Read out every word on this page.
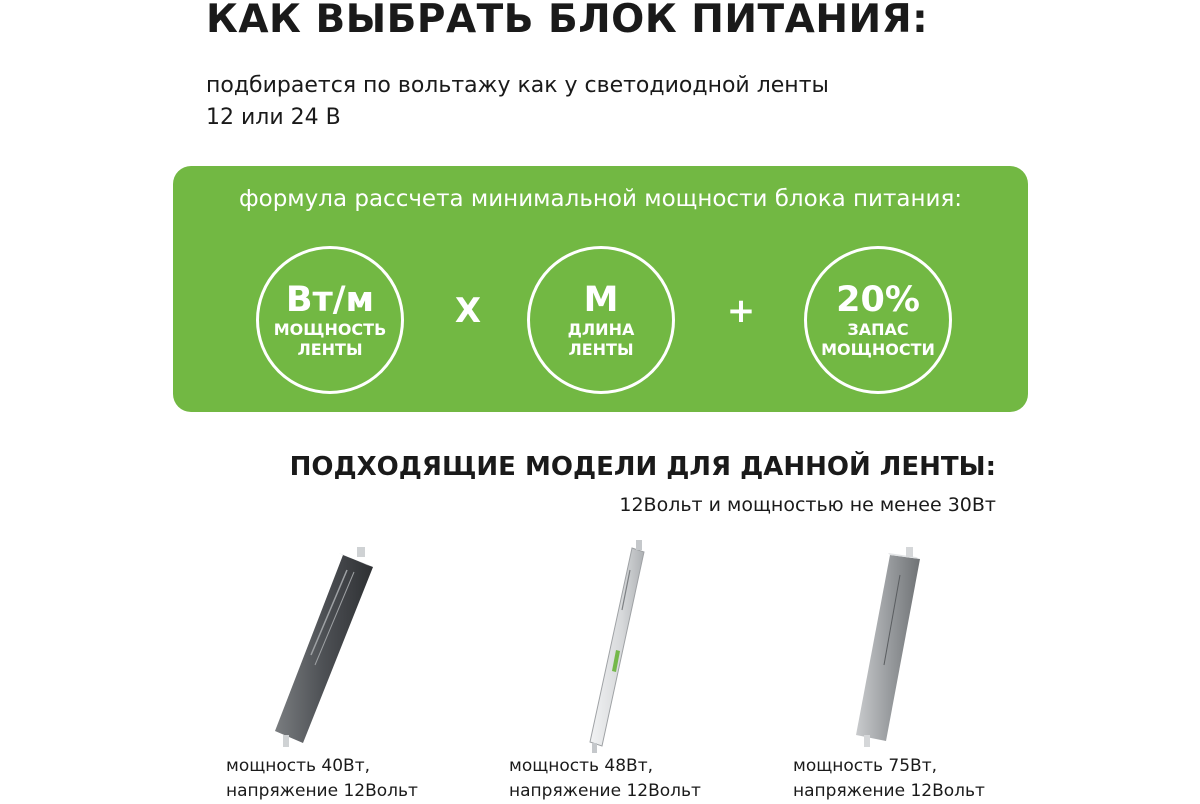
КАК ВЫБРАТЬ БЛОК ПИТАНИЯ:
подбирается по вольтажу как у светодиодной ленты
12 или 24 В
формула рассчета минимальной мощности блока питания:
Вт/м
МОЩНОСТЬ
ЛЕНТЫ
Х	М
ДЛИНА
ЛЕНТЫ
+ 20%
ЗАПАС
МОЩНОСТИ
ПОДХОДЯЩИЕ МОДЕЛИ ДЛЯ ДАННОЙ ЛЕНТЫ:

12Вольт и мощностью не менее 30Вт

мощность 40Вт,
напряжение 12Вольт
мощность 48Вт,
напряжение 12Вольт
мощность 75Вт,
напряжение 12Вольт
